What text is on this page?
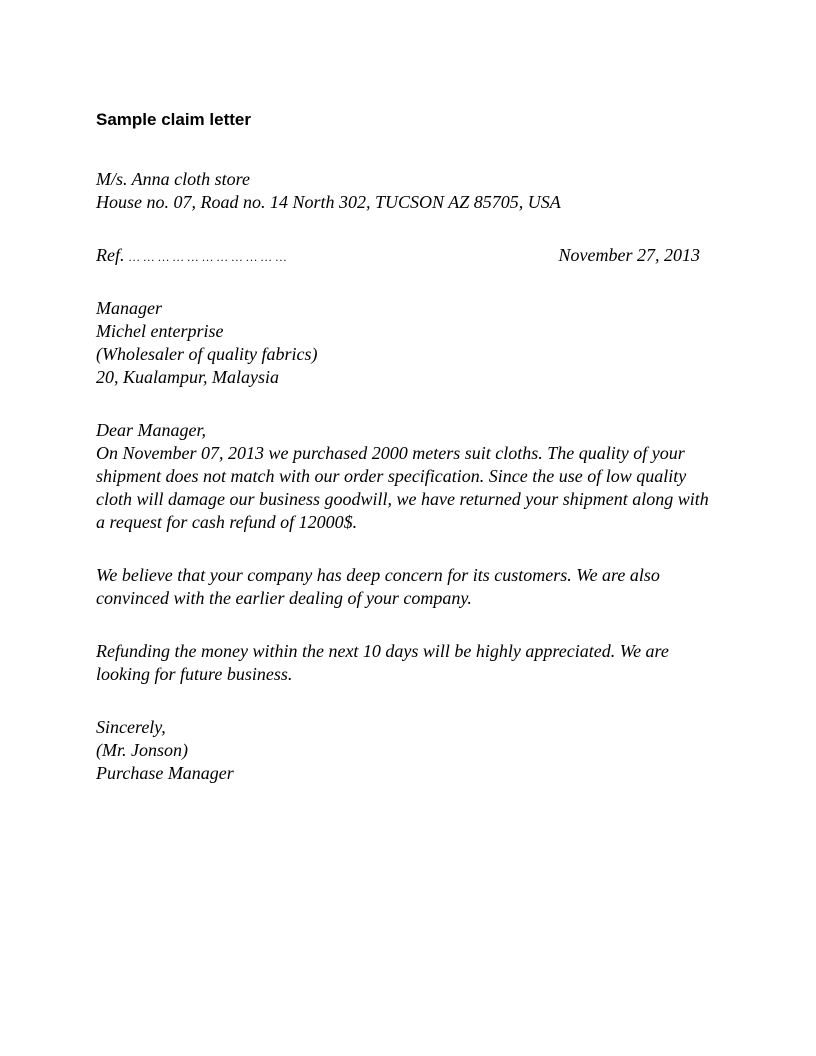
Sample claim letter
M/s. Anna cloth store
House no. 07, Road no. 14 North 302, TUCSON AZ 85705, USA
Ref. … … … … … … … … … … …	November 27, 2013
Manager
Michel enterprise
(Wholesaler of quality fabrics)
20, Kualampur, Malaysia
Dear Manager,
On November 07, 2013 we purchased 2000 meters suit cloths. The quality of your shipment does not match with our order specification. Since the use of low quality cloth will damage our business goodwill, we have returned your shipment along with a request for cash refund of 12000$.
We believe that your company has deep concern for its customers. We are also convinced with the earlier dealing of your company.
Refunding the money within the next 10 days will be highly appreciated. We are looking for future business.
Sincerely,
(Mr. Jonson)
Purchase Manager
